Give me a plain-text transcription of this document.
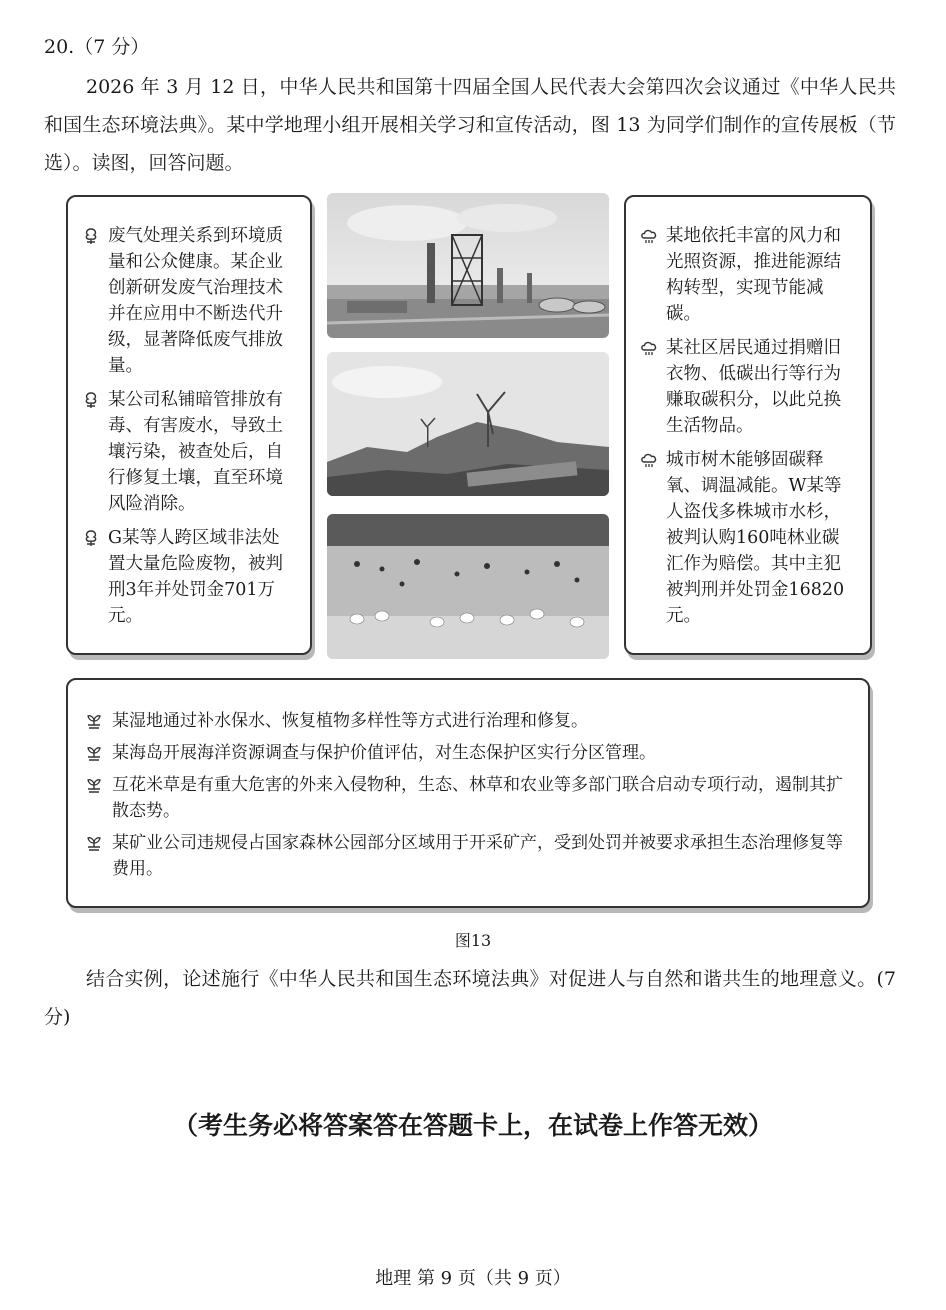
20.（7 分）
2026 年 3 月 12 日，中华人民共和国第十四届全国人民代表大会第四次会议通过《中华人民共和国生态环境法典》。某中学地理小组开展相关学习和宣传活动，图 13 为同学们制作的宣传展板（节选）。读图，回答问题。
废气处理关系到环境质量和公众健康。某企业创新研发废气治理技术并在应用中不断迭代升级，显著降低废气排放量。
某公司私铺暗管排放有毒、有害废水，导致土壤污染，被查处后，自行修复土壤，直至环境风险消除。
G某等人跨区域非法处置大量危险废物，被判刑3年并处罚金701万元。
某地依托丰富的风力和光照资源，推进能源结构转型，实现节能减碳。
某社区居民通过捐赠旧衣物、低碳出行等行为赚取碳积分，以此兑换生活物品。
城市树木能够固碳释氧、调温减能。W某等人盗伐多株城市水杉，被判认购160吨林业碳汇作为赔偿。其中主犯被判刑并处罚金16820元。
某湿地通过补水保水、恢复植物多样性等方式进行治理和修复。
某海岛开展海洋资源调查与保护价值评估，对生态保护区实行分区管理。
互花米草是有重大危害的外来入侵物种，生态、林草和农业等多部门联合启动专项行动，遏制其扩散态势。
某矿业公司违规侵占国家森林公园部分区域用于开采矿产，受到处罚并被要求承担生态治理修复等费用。
图13
结合实例，论述施行《中华人民共和国生态环境法典》对促进人与自然和谐共生的地理意义。(7 分)
（考生务必将答案答在答题卡上，在试卷上作答无效）
地理 第 9 页（共 9 页）
